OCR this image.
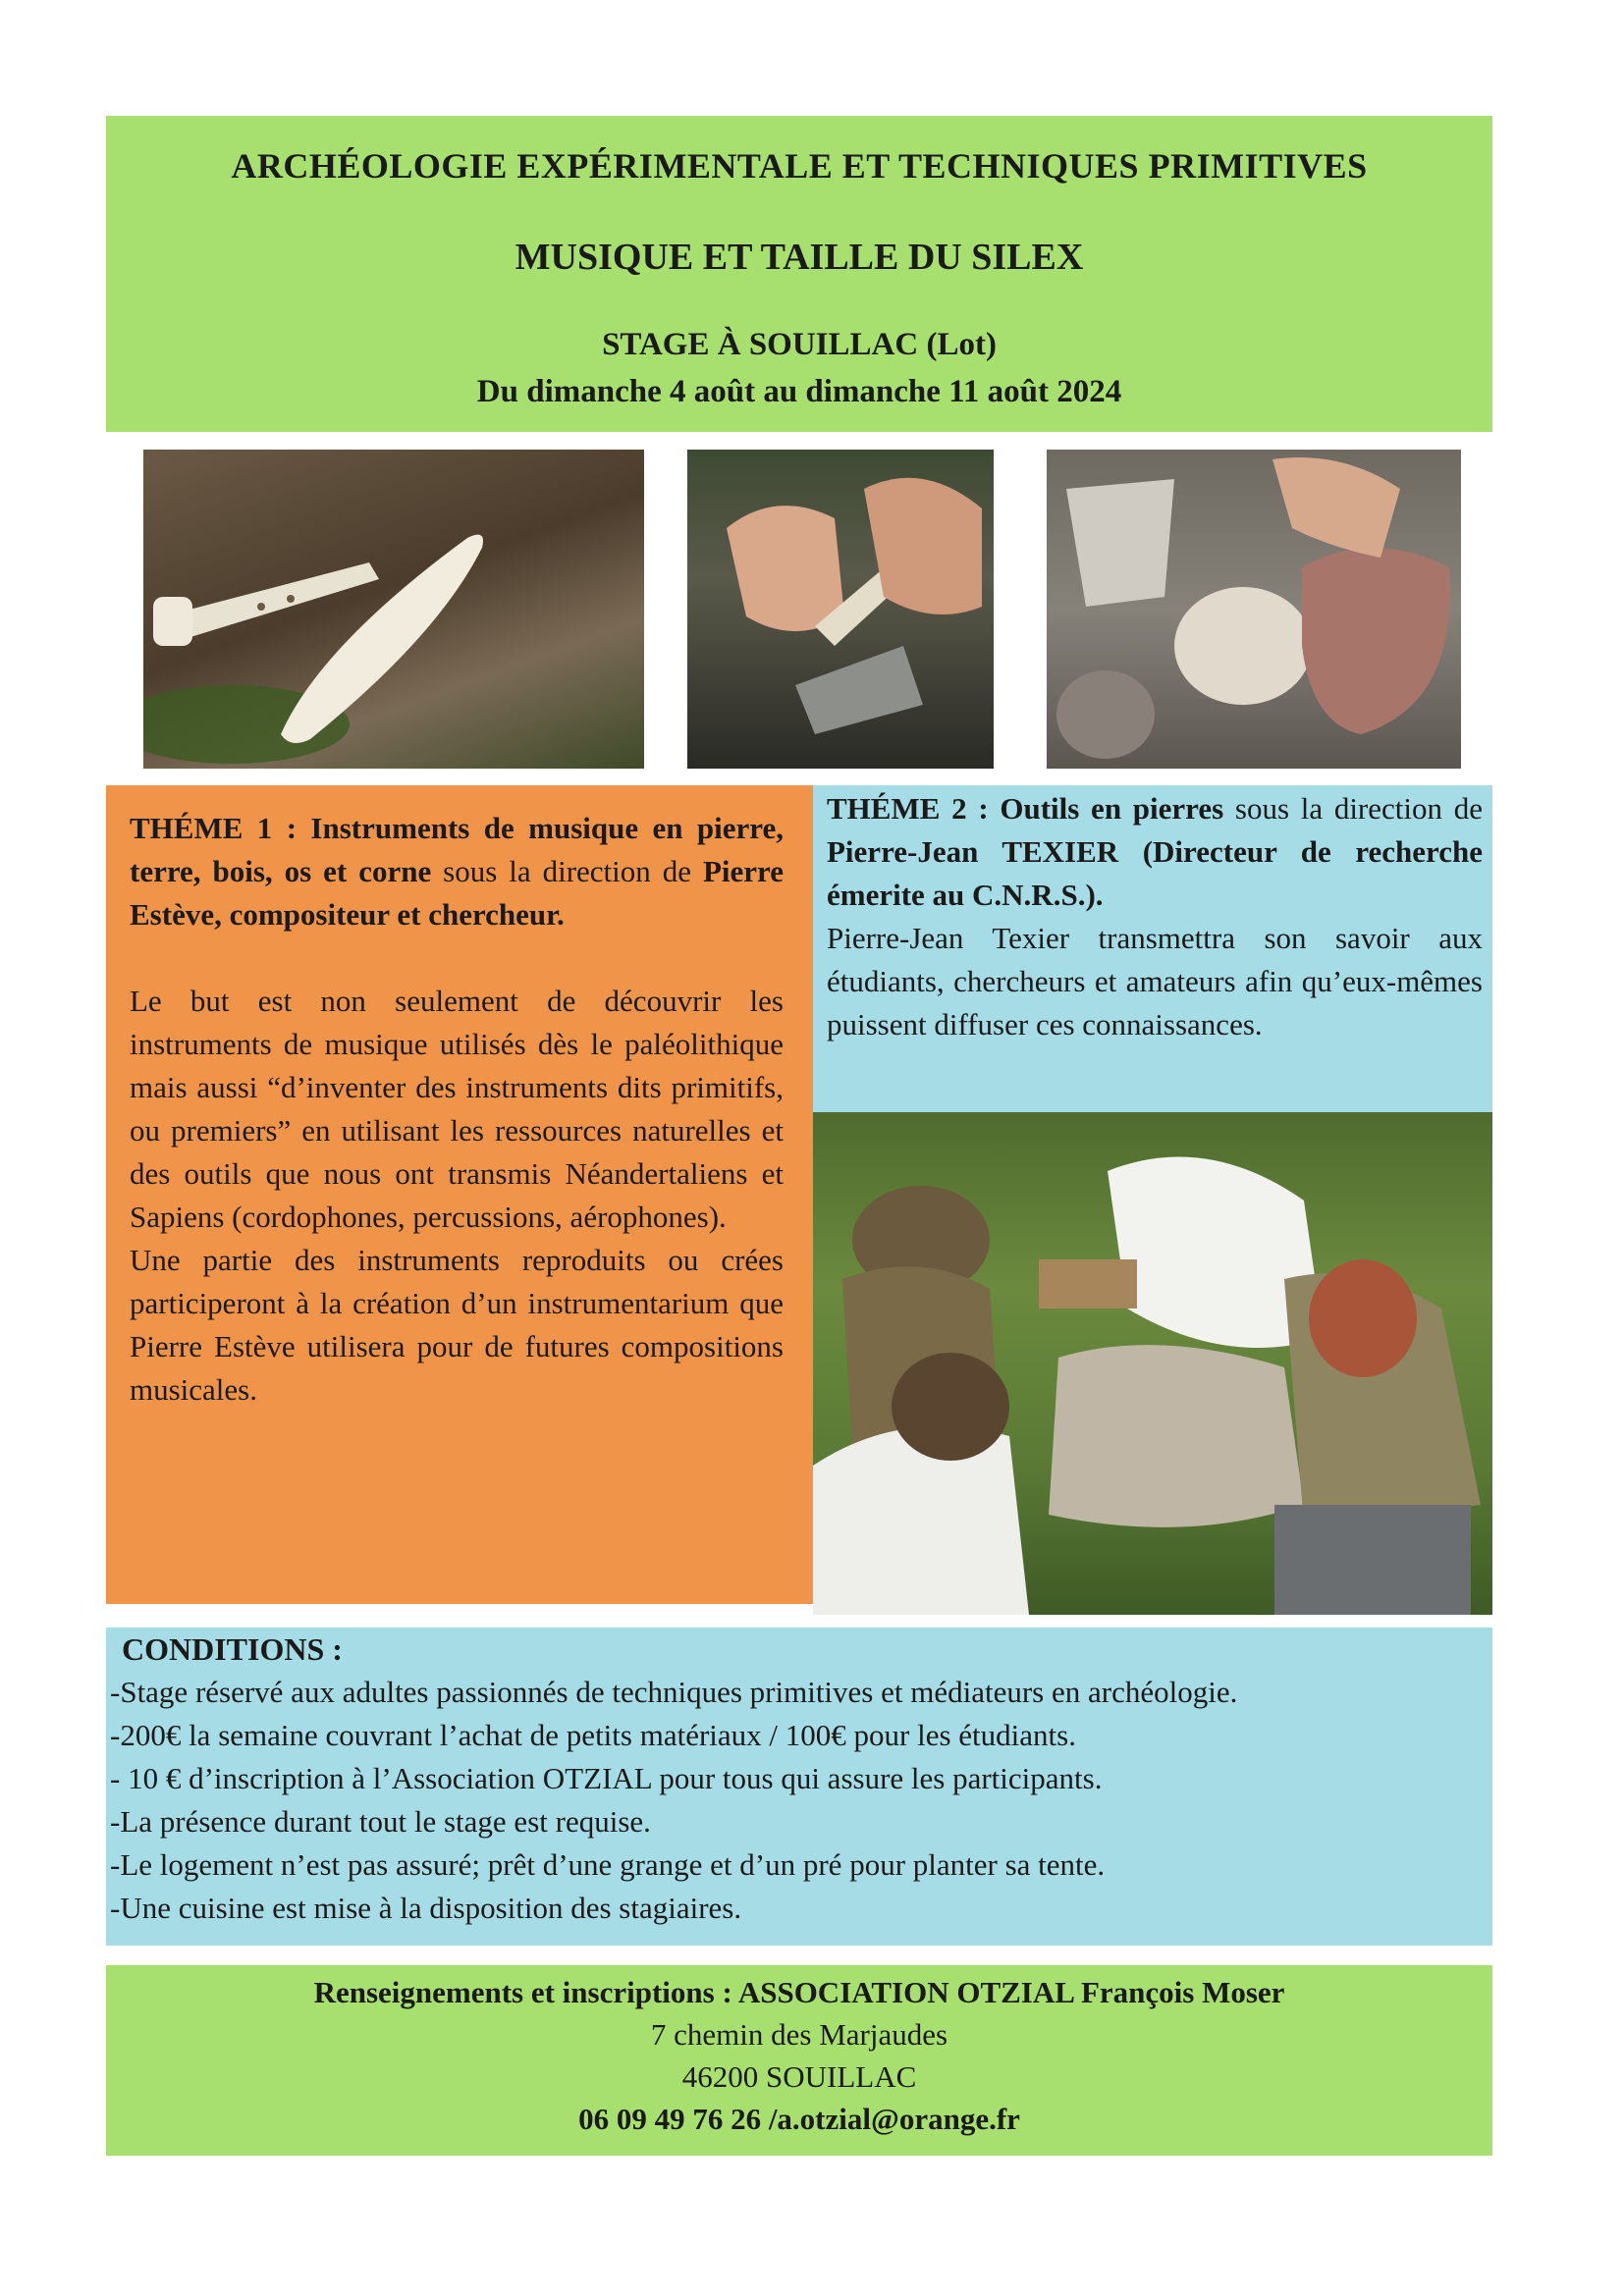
ARCHÉOLOGIE EXPÉRIMENTALE ET TECHNIQUES PRIMITIVES
MUSIQUE ET TAILLE DU SILEX
STAGE À SOUILLAC (Lot)
Du dimanche 4 août au dimanche 11 août 2024

THÉME 1 : Instruments de musique en pierre, terre, bois, os et corne sous la direction de Pierre Estève, compositeur et chercheur.

Le but est non seulement de découvrir les instruments de musique utilisés dès le paléolithique mais aussi “d’inventer des instruments dits primitifs, ou premiers” en utilisant les ressources naturelles et des outils que nous ont transmis Néandertaliens et Sapiens (cordophones, percussions, aérophones).

Une partie des instruments reproduits ou crées participeront à la création d’un instrumentarium que Pierre Estève utilisera pour de futures compositions musicales.

THÉME 2 : Outils en pierres sous la direction de Pierre-Jean TEXIER (Directeur de recherche émerite au C.N.R.S.).

Pierre-Jean Texier transmettra son savoir aux étudiants, chercheurs et amateurs afin qu’eux-mêmes puissent diffuser ces connaissances.

CONDITIONS :

-Stage réservé aux adultes passionnés de techniques primitives et médiateurs en archéologie.

-200€ la semaine couvrant l’achat de petits matériaux / 100€ pour les étudiants.

- 10 € d’inscription à l’Association OTZIAL pour tous qui assure les participants.

-La présence durant tout le stage est requise.

-Le logement n’est pas assuré; prêt d’une grange et d’un pré pour planter sa tente.

-Une cuisine est mise à la disposition des stagiaires.

Renseignements et inscriptions : ASSOCIATION OTZIAL François Moser
7 chemin des Marjaudes
46200 SOUILLAC
06 09 49 76 26 /a.otzial@orange.fr
